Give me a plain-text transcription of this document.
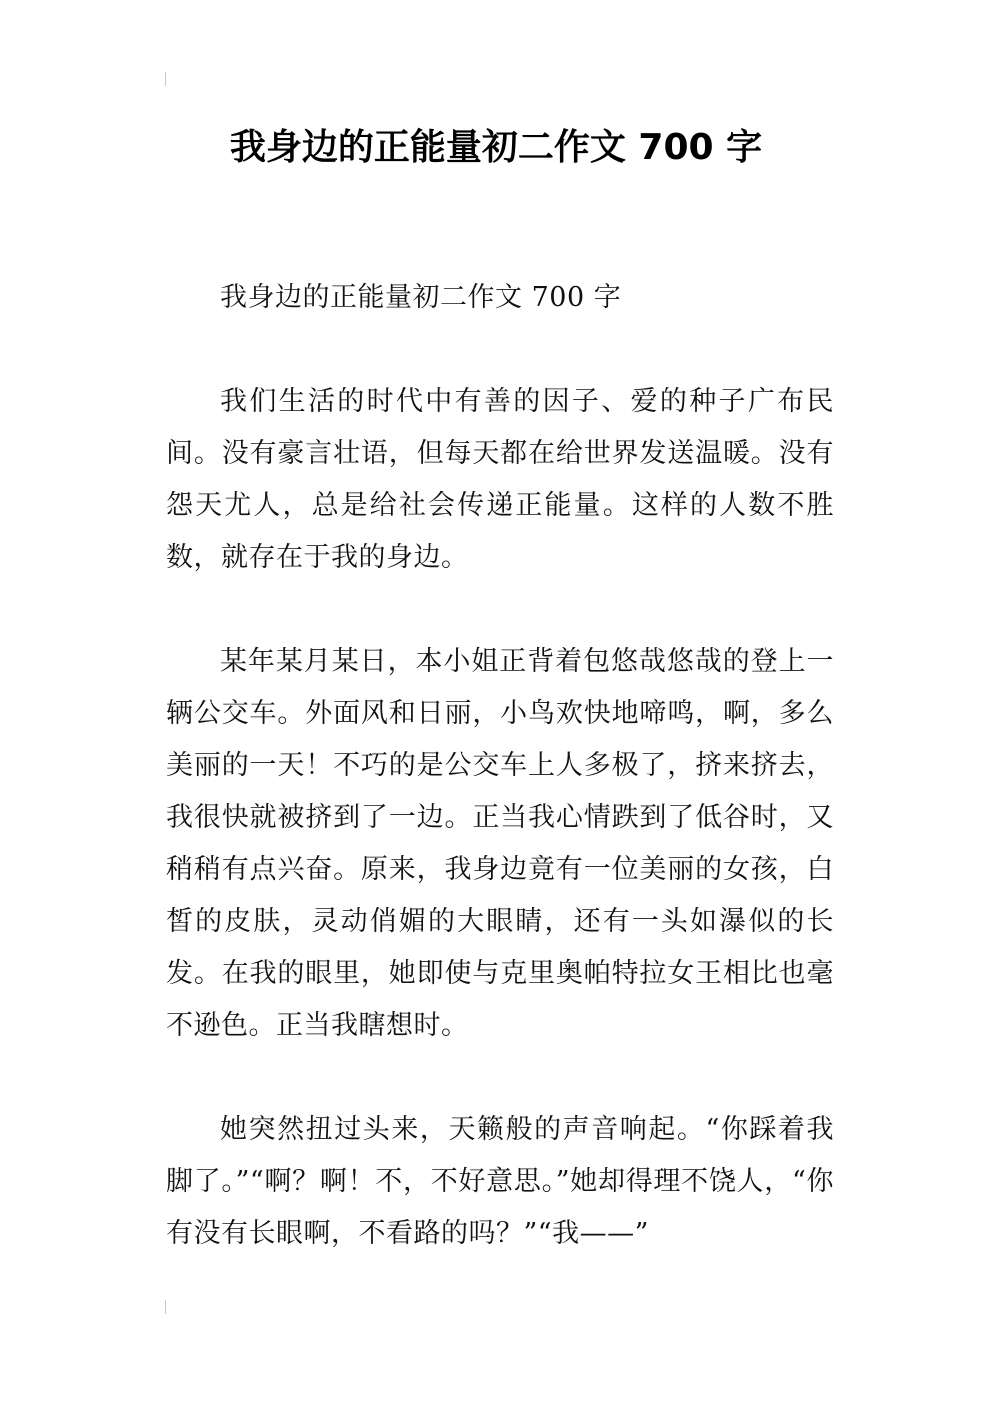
我身边的正能量初二作文 700 字

我身边的正能量初二作文 700 字

我们生活的时代中有善的因子、爱的种子广布民间。没有豪言壮语，但每天都在给世界发送温暖。没有怨天尤人，总是给社会传递正能量。这样的人数不胜数，就存在于我的身边。

某年某月某日，本小姐正背着包悠哉悠哉的登上一辆公交车。外面风和日丽，小鸟欢快地啼鸣，啊，多么美丽的一天！不巧的是公交车上人多极了，挤来挤去，我很快就被挤到了一边。正当我心情跌到了低谷时，又稍稍有点兴奋。原来，我身边竟有一位美丽的女孩，白皙的皮肤，灵动俏媚的大眼睛，还有一头如瀑似的长发。在我的眼里，她即使与克里奥帕特拉女王相比也毫不逊色。正当我瞎想时。

她突然扭过头来，天籁般的声音响起。“你踩着我脚了。”“啊？啊！不，不好意思。”她却得理不饶人，“你有没有长眼啊，不看路的吗？”“我——”
